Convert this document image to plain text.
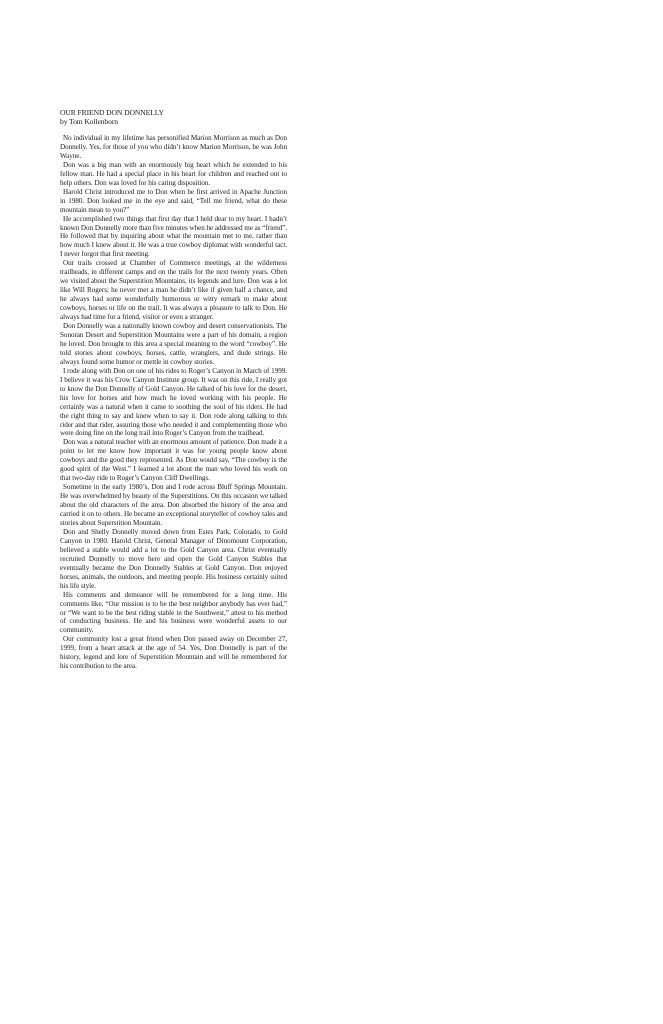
OUR FRIEND DON DONNELLY
by Tom Kollenborn

No individual in my lifetime has personified Marion Morrison as much as Don Donnelly. Yes, for those of you who didn’t know Marion Morrison, he was John Wayne.

Don was a big man with an enormously big heart which he extended to his fellow man. He had a special place in his heart for children and reached out to help others. Don was loved for his caring disposition.

Harold Christ introduced me to Don when he first arrived in Apache Junction in 1980. Don looked me in the eye and said, “Tell me friend, what do these mountain mean to you?”

He accomplished two things that first day that I held dear to my heart. I hadn’t known Don Donnelly more than five minutes when he addressed me as “friend”. He followed that by inquiring about what the mountain met to me, rather than how much I knew about it. He was a true cowboy diplomat with wonderful tact. I never forgot that first meeting.

Our trails crossed at Chamber of Commerce meetings, at the wilderness trailheads, in different camps and on the trails for the next twenty years. Often we visited about the Superstition Mountains, its legends and lure. Don was a lot like Will Rogers; he never met a man he didn’t like if given half a chance, and he always had some wonderfully humorous or witty remark to make about cowboys, horses or life on the trail. It was always a pleasure to talk to Don. He always had time for a friend, visitor or even a stranger.

Don Donnelly was a nationally known cowboy and desert conservationists. The Sonoran Desert and Superstition Mountains were a part of his domain, a region he loved. Don brought to this area a special meaning to the word “cowboy”. He told stories about cowboys, horses, cattle, wranglers, and dude strings. He always found some humor or mettle in cowboy stories.

I rode along with Don on one of his rides to Roger’s Canyon in March of 1999. I believe it was his Crow Canyon Institute group. It was on this ride, I really got to know the Don Donnelly of Gold Canyon. He talked of his love for the desert, his love for horses and how much he loved working with his people. He certainly was a natural when it came to soothing the soul of his riders. He had the right thing to say and knew when to say it. Don rode along talking to this rider and that rider, assuring those who needed it and complementing those who were doing fine on the long trail into Roger’s Canyon from the trailhead.

Don was a natural teacher with an enormous amount of patience. Don made it a point to let me know how important it was for young people know about cowboys and the good they represented. As Don would say, “The cowboy is the good spirit of the West.” I learned a lot about the man who loved his work on that two-day ride to Roger’s Canyon Cliff Dwellings.

Sometime in the early 1980’s, Don and I rode across Bluff Springs Mountain. He was overwhelmed by beauty of the Superstitions. On this occasion we talked about the old characters of the area. Don absorbed the history of the area and carried it on to others. He became an exceptional storyteller of cowboy tales and stories about Superstition Mountain.

Don and Shelly Donnelly moved down from Estes Park, Colorado, to Gold Canyon in 1980. Harold Christ, General Manager of Dinomount Corporation, believed a stable would add a lot to the Gold Canyon area. Christ eventually recruited Donnelly to move here and open the Gold Canyon Stables that eventually became the Don Donnelly Stables at Gold Canyon. Don enjoyed horses, animals, the outdoors, and meeting people. His business certainly suited his life style.

His comments and demeanor will be remembered for a long time. His comments like, “Our mission is to be the best neighbor anybody has ever had,” or “We want to be the best riding stable in the Southwest,” attest to his method of conducting business. He and his business were wonderful assets to our community.

Our community lost a great friend when Don passed away on December 27, 1999, from a heart attack at the age of 54. Yes, Don Donnelly is part of the history, legend and lore of Superstition Mountain and will be remembered for his contribution to the area.
